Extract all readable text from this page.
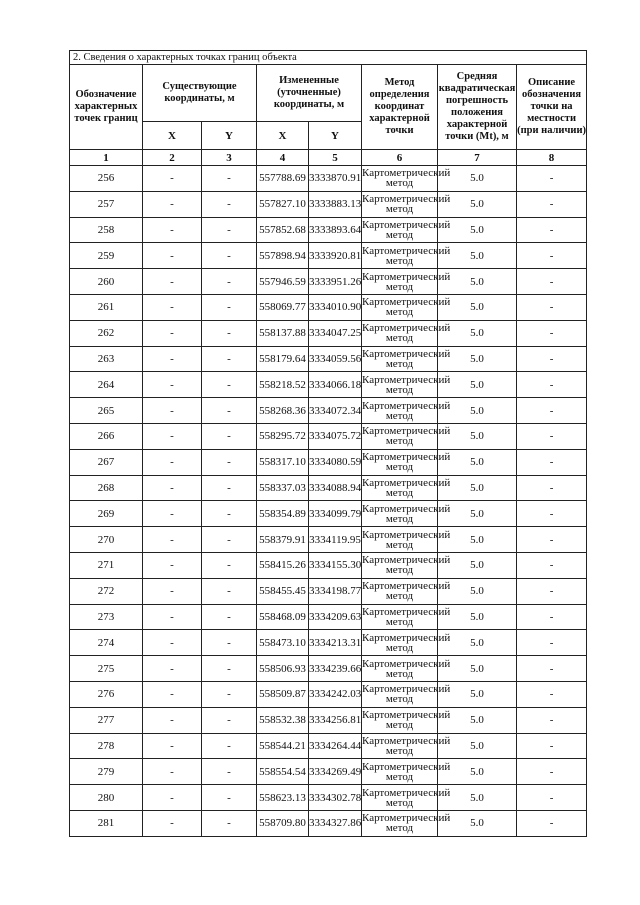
2. Сведения о характерных точках границ объекта							
Обозначение характерных точек границ	Существующие координаты, м		Измененные (уточненные) координаты, м		Метод определения координат характерной точки	Средняя квадратическая погрешность положения характерной точки (Mt), м	Описание обозначения точки на местности (при наличии)
	X	Y	X	Y			
1	2	3	4	5	6	7	8
256	-	-	557788.69	3333870.91	Картометрический метод	5.0	-
257	-	-	557827.10	3333883.13	Картометрический метод	5.0	-
258	-	-	557852.68	3333893.64	Картометрический метод	5.0	-
259	-	-	557898.94	3333920.81	Картометрический метод	5.0	-
260	-	-	557946.59	3333951.26	Картометрический метод	5.0	-
261	-	-	558069.77	3334010.90	Картометрический метод	5.0	-
262	-	-	558137.88	3334047.25	Картометрический метод	5.0	-
263	-	-	558179.64	3334059.56	Картометрический метод	5.0	-
264	-	-	558218.52	3334066.18	Картометрический метод	5.0	-
265	-	-	558268.36	3334072.34	Картометрический метод	5.0	-
266	-	-	558295.72	3334075.72	Картометрический метод	5.0	-
267	-	-	558317.10	3334080.59	Картометрический метод	5.0	-
268	-	-	558337.03	3334088.94	Картометрический метод	5.0	-
269	-	-	558354.89	3334099.79	Картометрический метод	5.0	-
270	-	-	558379.91	3334119.95	Картометрический метод	5.0	-
271	-	-	558415.26	3334155.30	Картометрический метод	5.0	-
272	-	-	558455.45	3334198.77	Картометрический метод	5.0	-
273	-	-	558468.09	3334209.63	Картометрический метод	5.0	-
274	-	-	558473.10	3334213.31	Картометрический метод	5.0	-
275	-	-	558506.93	3334239.66	Картометрический метод	5.0	-
276	-	-	558509.87	3334242.03	Картометрический метод	5.0	-
277	-	-	558532.38	3334256.81	Картометрический метод	5.0	-
278	-	-	558544.21	3334264.44	Картометрический метод	5.0	-
279	-	-	558554.54	3334269.49	Картометрический метод	5.0	-
280	-	-	558623.13	3334302.78	Картометрический метод	5.0	-
281	-	-	558709.80	3334327.86	Картометрический метод	5.0	-
